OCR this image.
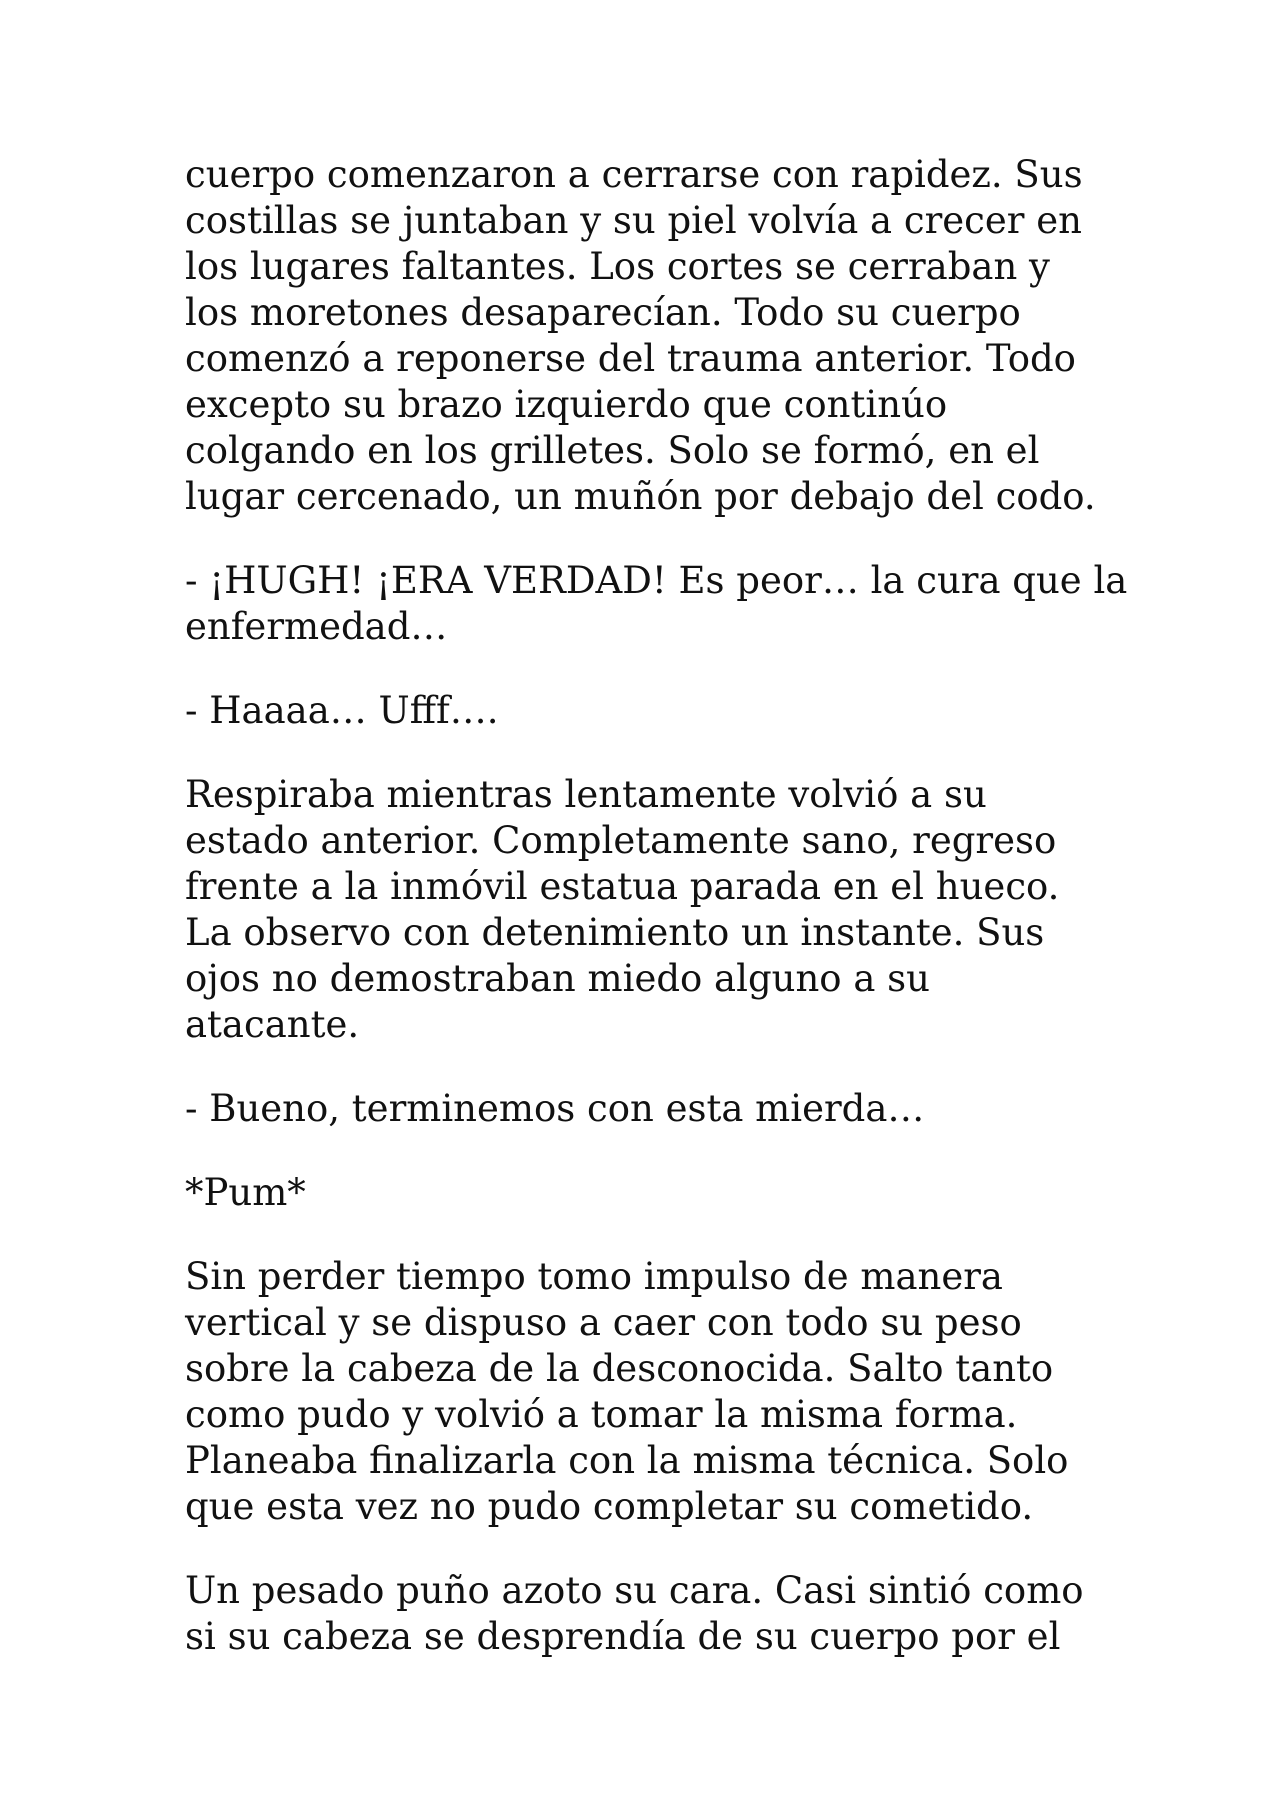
cuerpo comenzaron a cerrarse con rapidez. Sus
costillas se juntaban y su piel volvía a crecer en
los lugares faltantes. Los cortes se cerraban y
los moretones desaparecían. Todo su cuerpo
comenzó a reponerse del trauma anterior. Todo
excepto su brazo izquierdo que continúo
colgando en los grilletes. Solo se formó, en el
lugar cercenado, un muñón por debajo del codo.

- ¡HUGH! ¡ERA VERDAD! Es peor… la cura que la
enfermedad…

- Haaaa… Ufff….

Respiraba mientras lentamente volvió a su
estado anterior. Completamente sano, regreso
frente a la inmóvil estatua parada en el hueco.
La observo con detenimiento un instante. Sus
ojos no demostraban miedo alguno a su
atacante.

- Bueno, terminemos con esta mierda…

*Pum*

Sin perder tiempo tomo impulso de manera
vertical y se dispuso a caer con todo su peso
sobre la cabeza de la desconocida. Salto tanto
como pudo y volvió a tomar la misma forma.
Planeaba finalizarla con la misma técnica. Solo
que esta vez no pudo completar su cometido.

Un pesado puño azoto su cara. Casi sintió como
si su cabeza se desprendía de su cuerpo por el
